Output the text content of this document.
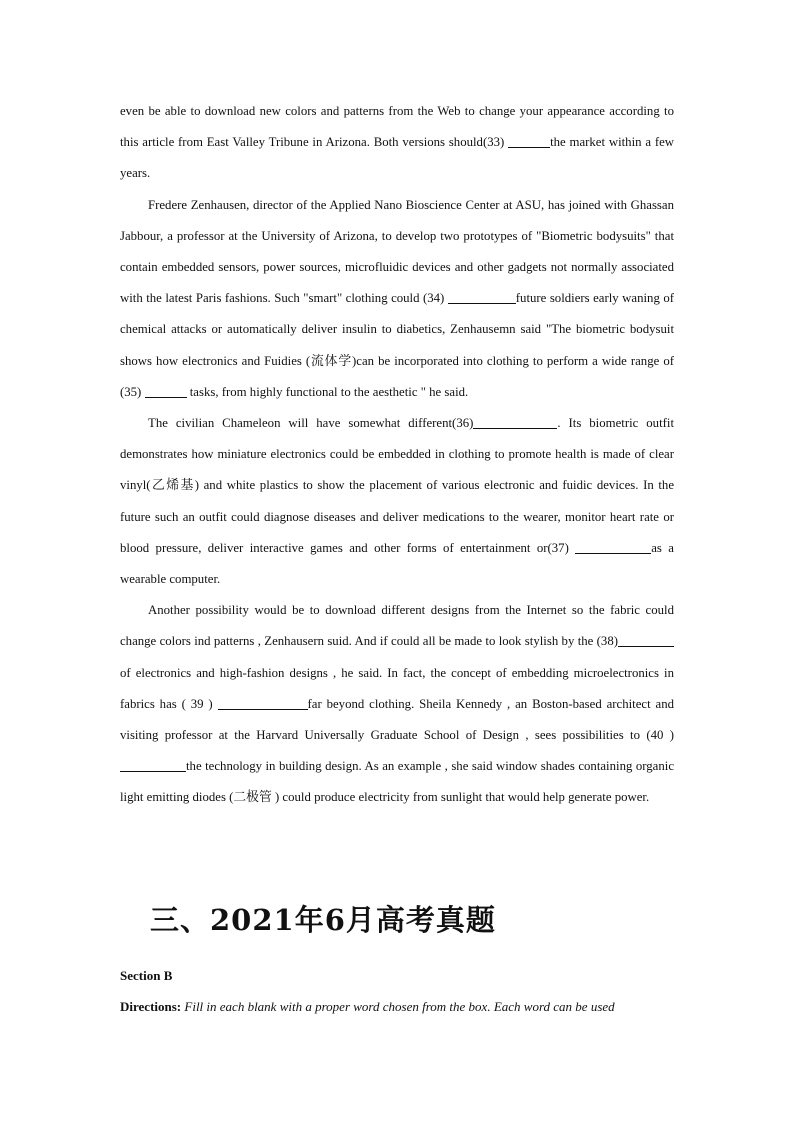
even be able to download new colors and patterns from the Web to change your appearance according to this article from East Valley Tribune in Arizona. Both versions should(33)	the market within a few years.

Fredere Zenhausen, director of the Applied Nano Bioscience Center at ASU, has joined with Ghassan Jabbour, a professor at the University of Arizona, to develop two prototypes of "Biometric bodysuits" that contain embedded sensors, power sources, microfluidic devices and other gadgets not normally associated with the latest Paris fashions. Such "smart" clothing could (34)	future soldiers early waning of chemical attacks or automatically deliver insulin to diabetics, Zenhausemn said "The biometric bodysuit shows how electronics and Fuidies (流体学)can be incorporated into clothing to perform a wide range of (35)	tasks, from highly functional to the aesthetic " he said.

The civilian Chameleon will have somewhat different(36)	. Its biometric outfit demonstrates how miniature electronics could be embedded in clothing to promote health is made of clear vinyl(乙烯基) and white plastics to show the placement of various electronic and fuidic devices. In the future such an outfit could diagnose diseases and deliver medications to the wearer, monitor heart rate or blood pressure, deliver interactive games and other forms of entertainment or(37)	as a wearable computer.

Another possibility would be to download different designs from the Internet so the fabric could change colors ind patterns , Zenhausern suid. And if could all be made to look stylish by the (38)of electronics and high-fashion designs , he said. In fact, the concept of embedding microelectronics in fabrics has ( 39 )	far beyond clothing. Sheila Kennedy , an Boston-based architect and visiting professor at the Harvard Universally Graduate School of Design , sees possibilities to (40 )the technology in building design. As an example , she said window shades containing organic light emitting diodes (二极管 ) could produce electricity from sunlight that would help generate power.

三、2021年6月高考真题
Section B
Directions: Fill in each blank with a proper word chosen from the box. Each word can be used
